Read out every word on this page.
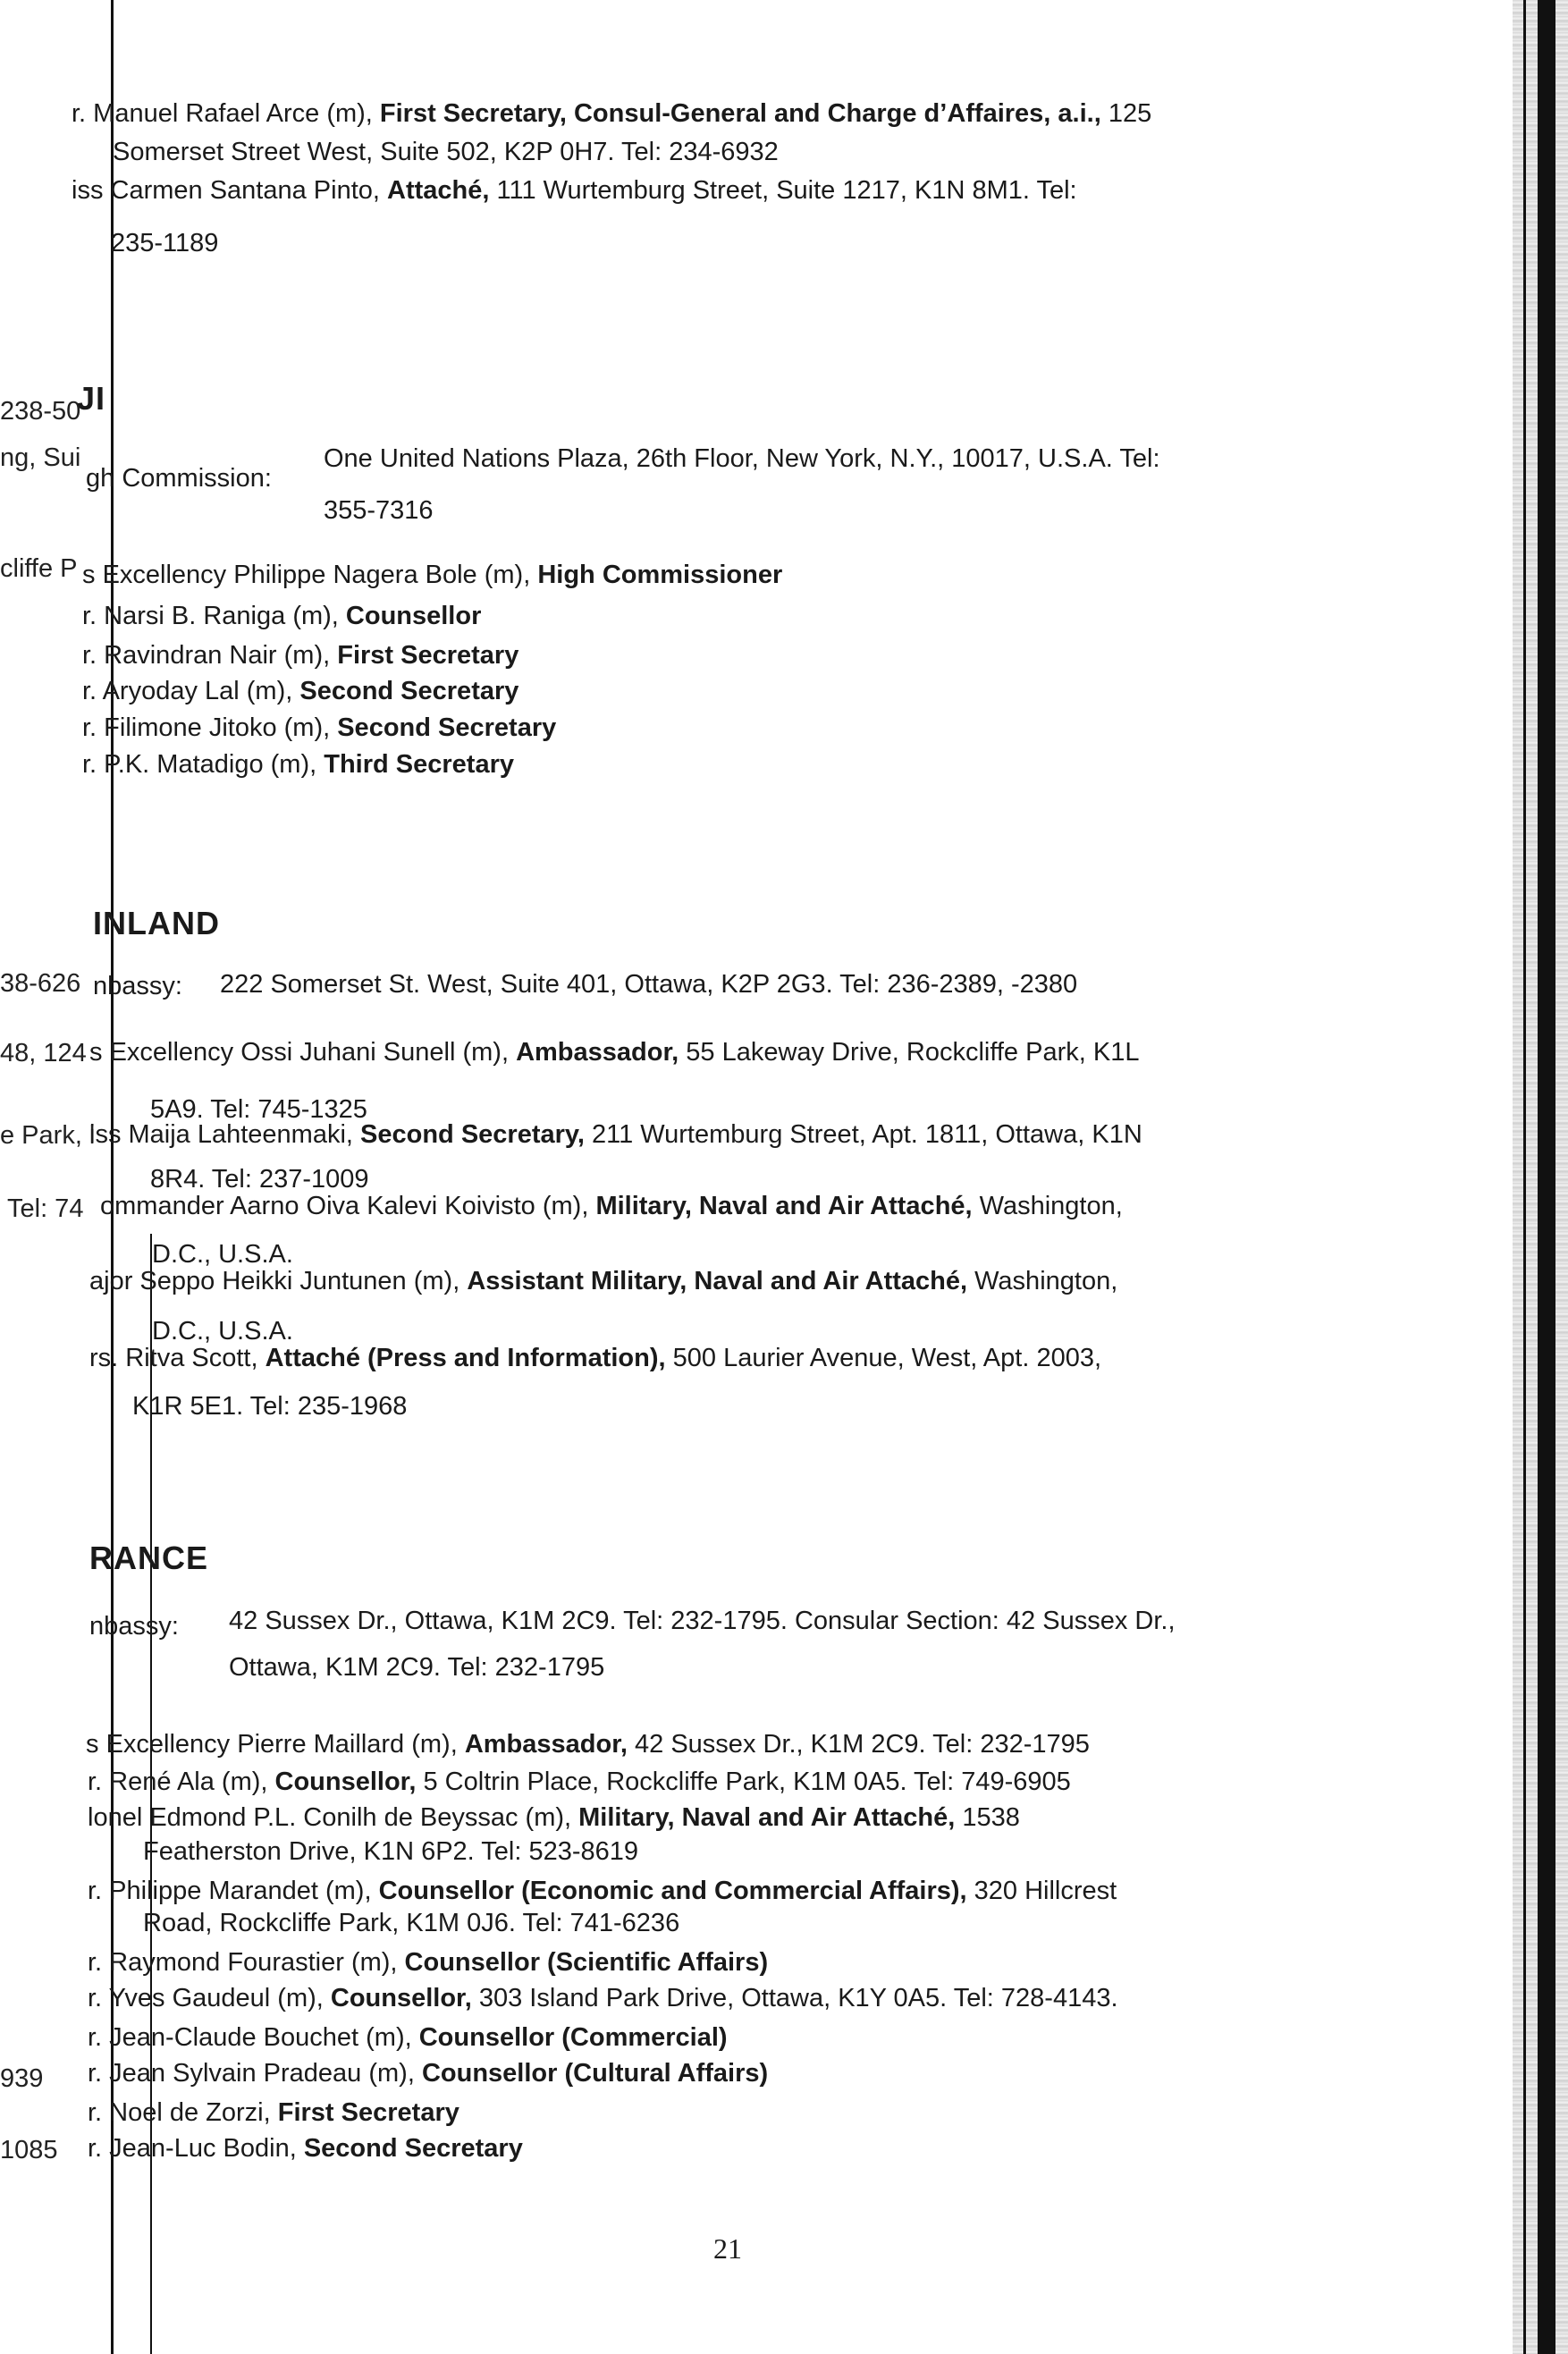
238-50
ng, Sui
cliffe P
38-626
48, 124
e Park, l
Tel: 74
939
1085
r. Manuel Rafael Arce (m), First Secretary, Consul-General and Charge d’Affaires, a.i., 125
Somerset Street West, Suite 502, K2P 0H7. Tel: 234-6932
iss Carmen Santana Pinto, Attaché, 111 Wurtemburg Street, Suite 1217, K1N 8M1. Tel:
235-1189
JI
gh Commission:
One United Nations Plaza, 26th Floor, New York, N.Y., 10017, U.S.A. Tel:
355-7316
s Excellency Philippe Nagera Bole (m), High Commissioner
r. Narsi B. Raniga (m), Counsellor
r. Ravindran Nair (m), First Secretary
r. Aryoday Lal (m), Second Secretary
r. Filimone Jitoko (m), Second Secretary
r. P.K. Matadigo (m), Third Secretary
INLAND
nbassy: 222 Somerset St. West, Suite 401, Ottawa, K2P 2G3. Tel: 236-2389, -2380
s Excellency Ossi Juhani Sunell (m), Ambassador, 55 Lakeway Drive, Rockcliffe Park, K1L
5A9. Tel: 745-1325
iss Maija Lahteenmaki, Second Secretary, 211 Wurtemburg Street, Apt. 1811, Ottawa, K1N
8R4. Tel: 237-1009
ommander Aarno Oiva Kalevi Koivisto (m), Military, Naval and Air Attaché, Washington,
D.C., U.S.A.
ajor Seppo Heikki Juntunen (m), Assistant Military, Naval and Air Attaché, Washington,
D.C., U.S.A.
rs. Ritva Scott, Attaché (Press and Information), 500 Laurier Avenue, West, Apt. 2003,
K1R 5E1. Tel: 235-1968
RANCE
nbassy: 42 Sussex Dr., Ottawa, K1M 2C9. Tel: 232-1795. Consular Section: 42 Sussex Dr.,
Ottawa, K1M 2C9. Tel: 232-1795
s Excellency Pierre Maillard (m), Ambassador, 42 Sussex Dr., K1M 2C9. Tel: 232-1795
r. René Ala (m), Counsellor, 5 Coltrin Place, Rockcliffe Park, K1M 0A5. Tel: 749-6905
lonel Edmond P.L. Conilh de Beyssac (m), Military, Naval and Air Attaché, 1538
Featherston Drive, K1N 6P2. Tel: 523-8619
r. Philippe Marandet (m), Counsellor (Economic and Commercial Affairs), 320 Hillcrest
Road, Rockcliffe Park, K1M 0J6. Tel: 741-6236
r. Raymond Fourastier (m), Counsellor (Scientific Affairs)
r. Yves Gaudeul (m), Counsellor, 303 Island Park Drive, Ottawa, K1Y 0A5. Tel: 728-4143.
r. Jean-Claude Bouchet (m), Counsellor (Commercial)
r. Jean Sylvain Pradeau (m), Counsellor (Cultural Affairs)
r. Noel de Zorzi, First Secretary
r. Jean-Luc Bodin, Second Secretary
21
